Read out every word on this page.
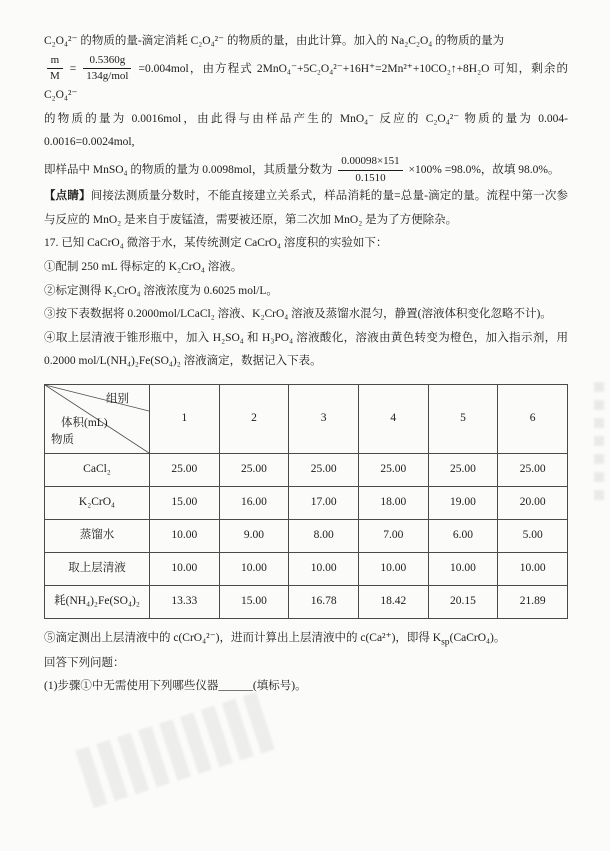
C₂O₄²⁻ 的物质的量-滴定消耗 C₂O₄²⁻ 的物质的量，由此计算。加入的 Na₂C₂O₄ 的物质的量为

$\frac{m}{M} = \frac{0.5360g}{\text{134g/mol}} =0.004mol$，由方程式 2MnO₄⁻+5C₂O₄²⁻+16H⁺=2Mn²⁺+10CO₂↑+8H₂O 可知，剩余的 C₂O₄²⁻

的物质的量为 0.0016mol，由此得与由样品产生的 MnO₄⁻ 反应的 C₂O₄²⁻ 物质的量为 0.004-0.0016=0.0024mol,

即样品中 MnSO₄ 的物质的量为 0.0098mol，其质量分数为 $\frac{0.00098\times 151}{0.1510} \times 100\% =98.0\%$，故填 98.0%。

【点睛】间接法测质量分数时，不能直接建立关系式，样品消耗的量=总量-滴定的量。流程中第一次参与反应的 MnO₂ 是来自于废锰渣，需要被还原，第二次加 MnO₂ 是为了方便除杂。

17. 已知 CaCrO₄ 微溶于水，某传统测定 CaCrO₄ 溶度积的实验如下：

①配制 250 mL 得标定的 K₂CrO₄ 溶液。

②标定测得 K₂CrO₄ 溶液浓度为 0.6025 mol/L。

③按下表数据将 0.2000mol/LCaCl₂ 溶液、K₂CrO₄ 溶液及蒸馏水混匀，静置(溶液体积变化忽略不计)。

④取上层清液于锥形瓶中，加入 H₂SO₄ 和 H₃PO₄ 溶液酸化，溶液由黄色转变为橙色，加入指示剂，用 0.2000 mol/L(NH₄)₂Fe(SO₄)₂ 溶液滴定，数据记入下表。

组别
体积(mL)
物质	1	2	3	4	5	6
CaCl₂	25.00	25.00	25.00	25.00	25.00	25.00
K₂CrO₄	15.00	16.00	17.00	18.00	19.00	20.00
蒸馏水	10.00	9.00	8.00	7.00	6.00	5.00
取上层清液	10.00	10.00	10.00	10.00	10.00	10.00
耗(NH₄)₂Fe(SO₄)₂	13.33	15.00	16.78	18.42	20.15	21.89

⑤滴定测出上层清液中的 c(CrO₄²⁻)，进而计算出上层清液中的 c(Ca²⁺)，即得 $K_{sp}(CaCrO_4)$。

回答下列问题：

(1)步骤①中无需使用下列哪些仪器______(填标号)。
